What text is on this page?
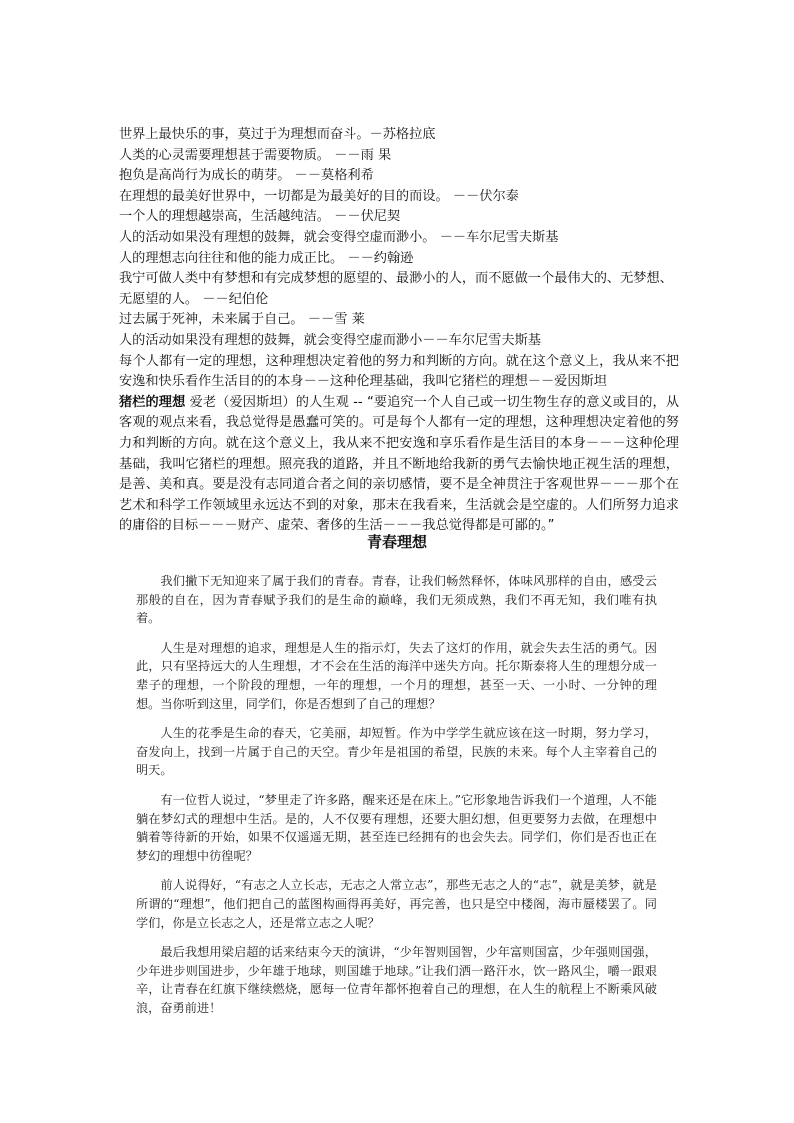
世界上最快乐的事，莫过于为理想而奋斗。－苏格拉底

人类的心灵需要理想甚于需要物质。 －－雨 果

抱负是高尚行为成长的萌芽。 －－莫格利希

在理想的最美好世界中，一切都是为最美好的目的而设。 －－伏尔泰

一个人的理想越崇高，生活越纯洁。 －－伏尼契

人的活动如果没有理想的鼓舞，就会变得空虚而渺小。 －－车尔尼雪夫斯基

人的理想志向往往和他的能力成正比。 －－约翰逊

我宁可做人类中有梦想和有完成梦想的愿望的、最渺小的人，而不愿做一个最伟大的、无梦想、无愿望的人。 －－纪伯伦

过去属于死神，未来属于自己。 －－雪 莱

人的活动如果没有理想的鼓舞，就会变得空虚而渺小－－车尔尼雪夫斯基

每个人都有一定的理想，这种理想决定着他的努力和判断的方向。就在这个意义上，我从来不把安逸和快乐看作生活目的的本身－－这种伦理基础，我叫它猪栏的理想－－爱因斯坦

猪栏的理想 爱老（爱因斯坦）的人生观 -- “要追究一个人自己或一切生物生存的意义或目的，从客观的观点来看，我总觉得是愚蠢可笑的。可是每个人都有一定的理想，这种理想决定着他的努力和判断的方向。就在这个意义上，我从来不把安逸和享乐看作是生活目的本身－－－这种伦理基础，我叫它猪栏的理想。照亮我的道路，并且不断地给我新的勇气去愉快地正视生活的理想，是善、美和真。要是没有志同道合者之间的亲切感情，要不是全神贯注于客观世界－－－那个在艺术和科学工作领域里永远达不到的对象，那末在我看来，生活就会是空虚的。人们所努力追求的庸俗的目标－－－财产、虚荣、奢侈的生活－－－我总觉得都是可鄙的。”

青春理想

我们撇下无知迎来了属于我们的青春。青春，让我们畅然释怀，体味风那样的自由，感受云那般的自在，因为青春赋予我们的是生命的巅峰，我们无须成熟，我们不再无知，我们唯有执着。

人生是对理想的追求，理想是人生的指示灯，失去了这灯的作用，就会失去生活的勇气。因此，只有坚持远大的人生理想，才不会在生活的海洋中迷失方向。托尔斯泰将人生的理想分成一辈子的理想，一个阶段的理想，一年的理想，一个月的理想，甚至一天、一小时、一分钟的理想。当你听到这里，同学们，你是否想到了自己的理想？

人生的花季是生命的春天，它美丽，却短暂。作为中学学生就应该在这一时期，努力学习，奋发向上，找到一片属于自己的天空。青少年是祖国的希望，民族的未来。每个人主宰着自己的明天。

有一位哲人说过，“梦里走了许多路，醒来还是在床上。”它形象地告诉我们一个道理，人不能躺在梦幻式的理想中生活。是的，人不仅要有理想，还要大胆幻想，但更要努力去做，在理想中躺着等待新的开始，如果不仅遥遥无期，甚至连已经拥有的也会失去。同学们，你们是否也正在梦幻的理想中彷徨呢？

前人说得好，“有志之人立长志，无志之人常立志”，那些无志之人的“志”，就是美梦，就是所谓的“理想”，他们把自己的蓝图构画得再美好，再完善，也只是空中楼阁，海市蜃楼罢了。同学们，你是立长志之人，还是常立志之人呢？

最后我想用梁启超的话来结束今天的演讲，“少年智则国智，少年富则国富，少年强则国强，少年进步则国进步，少年雄于地球，则国雄于地球。”让我们洒一路汗水，饮一路风尘，嚼一跟艰辛，让青春在红旗下继续燃烧，愿每一位青年都怀抱着自己的理想，在人生的航程上不断乘风破浪，奋勇前进！
